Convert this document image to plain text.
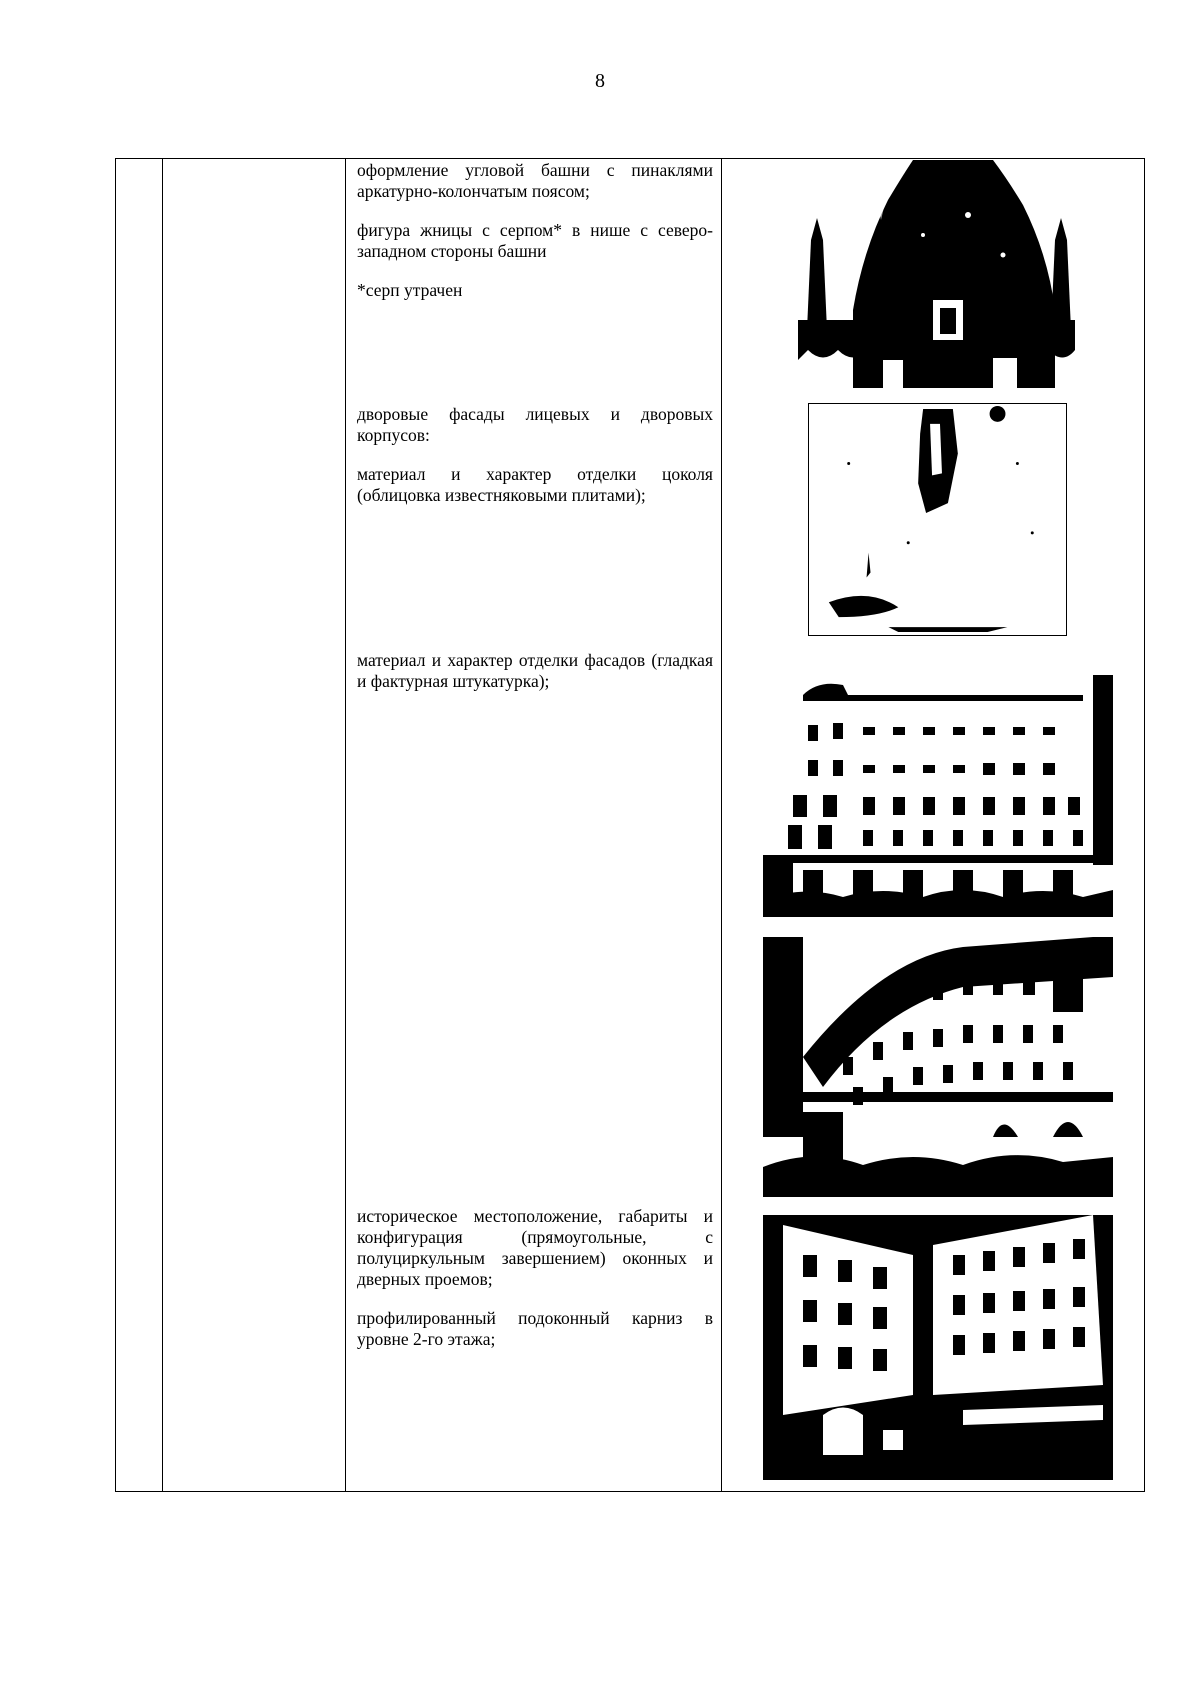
8

оформление угловой башни с пинаклями аркатурно-колончатым поясом;

фигура жницы с серпом* в нише с северо-западном стороны башни

*серп утрачен

дворовые фасады лицевых и дворовых корпусов:

материал и характер отделки цоколя (облицовка известняковыми плитами);

материал и характер отделки фасадов (гладкая и фактурная штукатурка);

историческое местоположение, габариты и конфигурация (прямоугольные, с полуциркульным завершением) оконных и дверных проемов;

профилированный подоконный карниз в уровне 2-го этажа;
